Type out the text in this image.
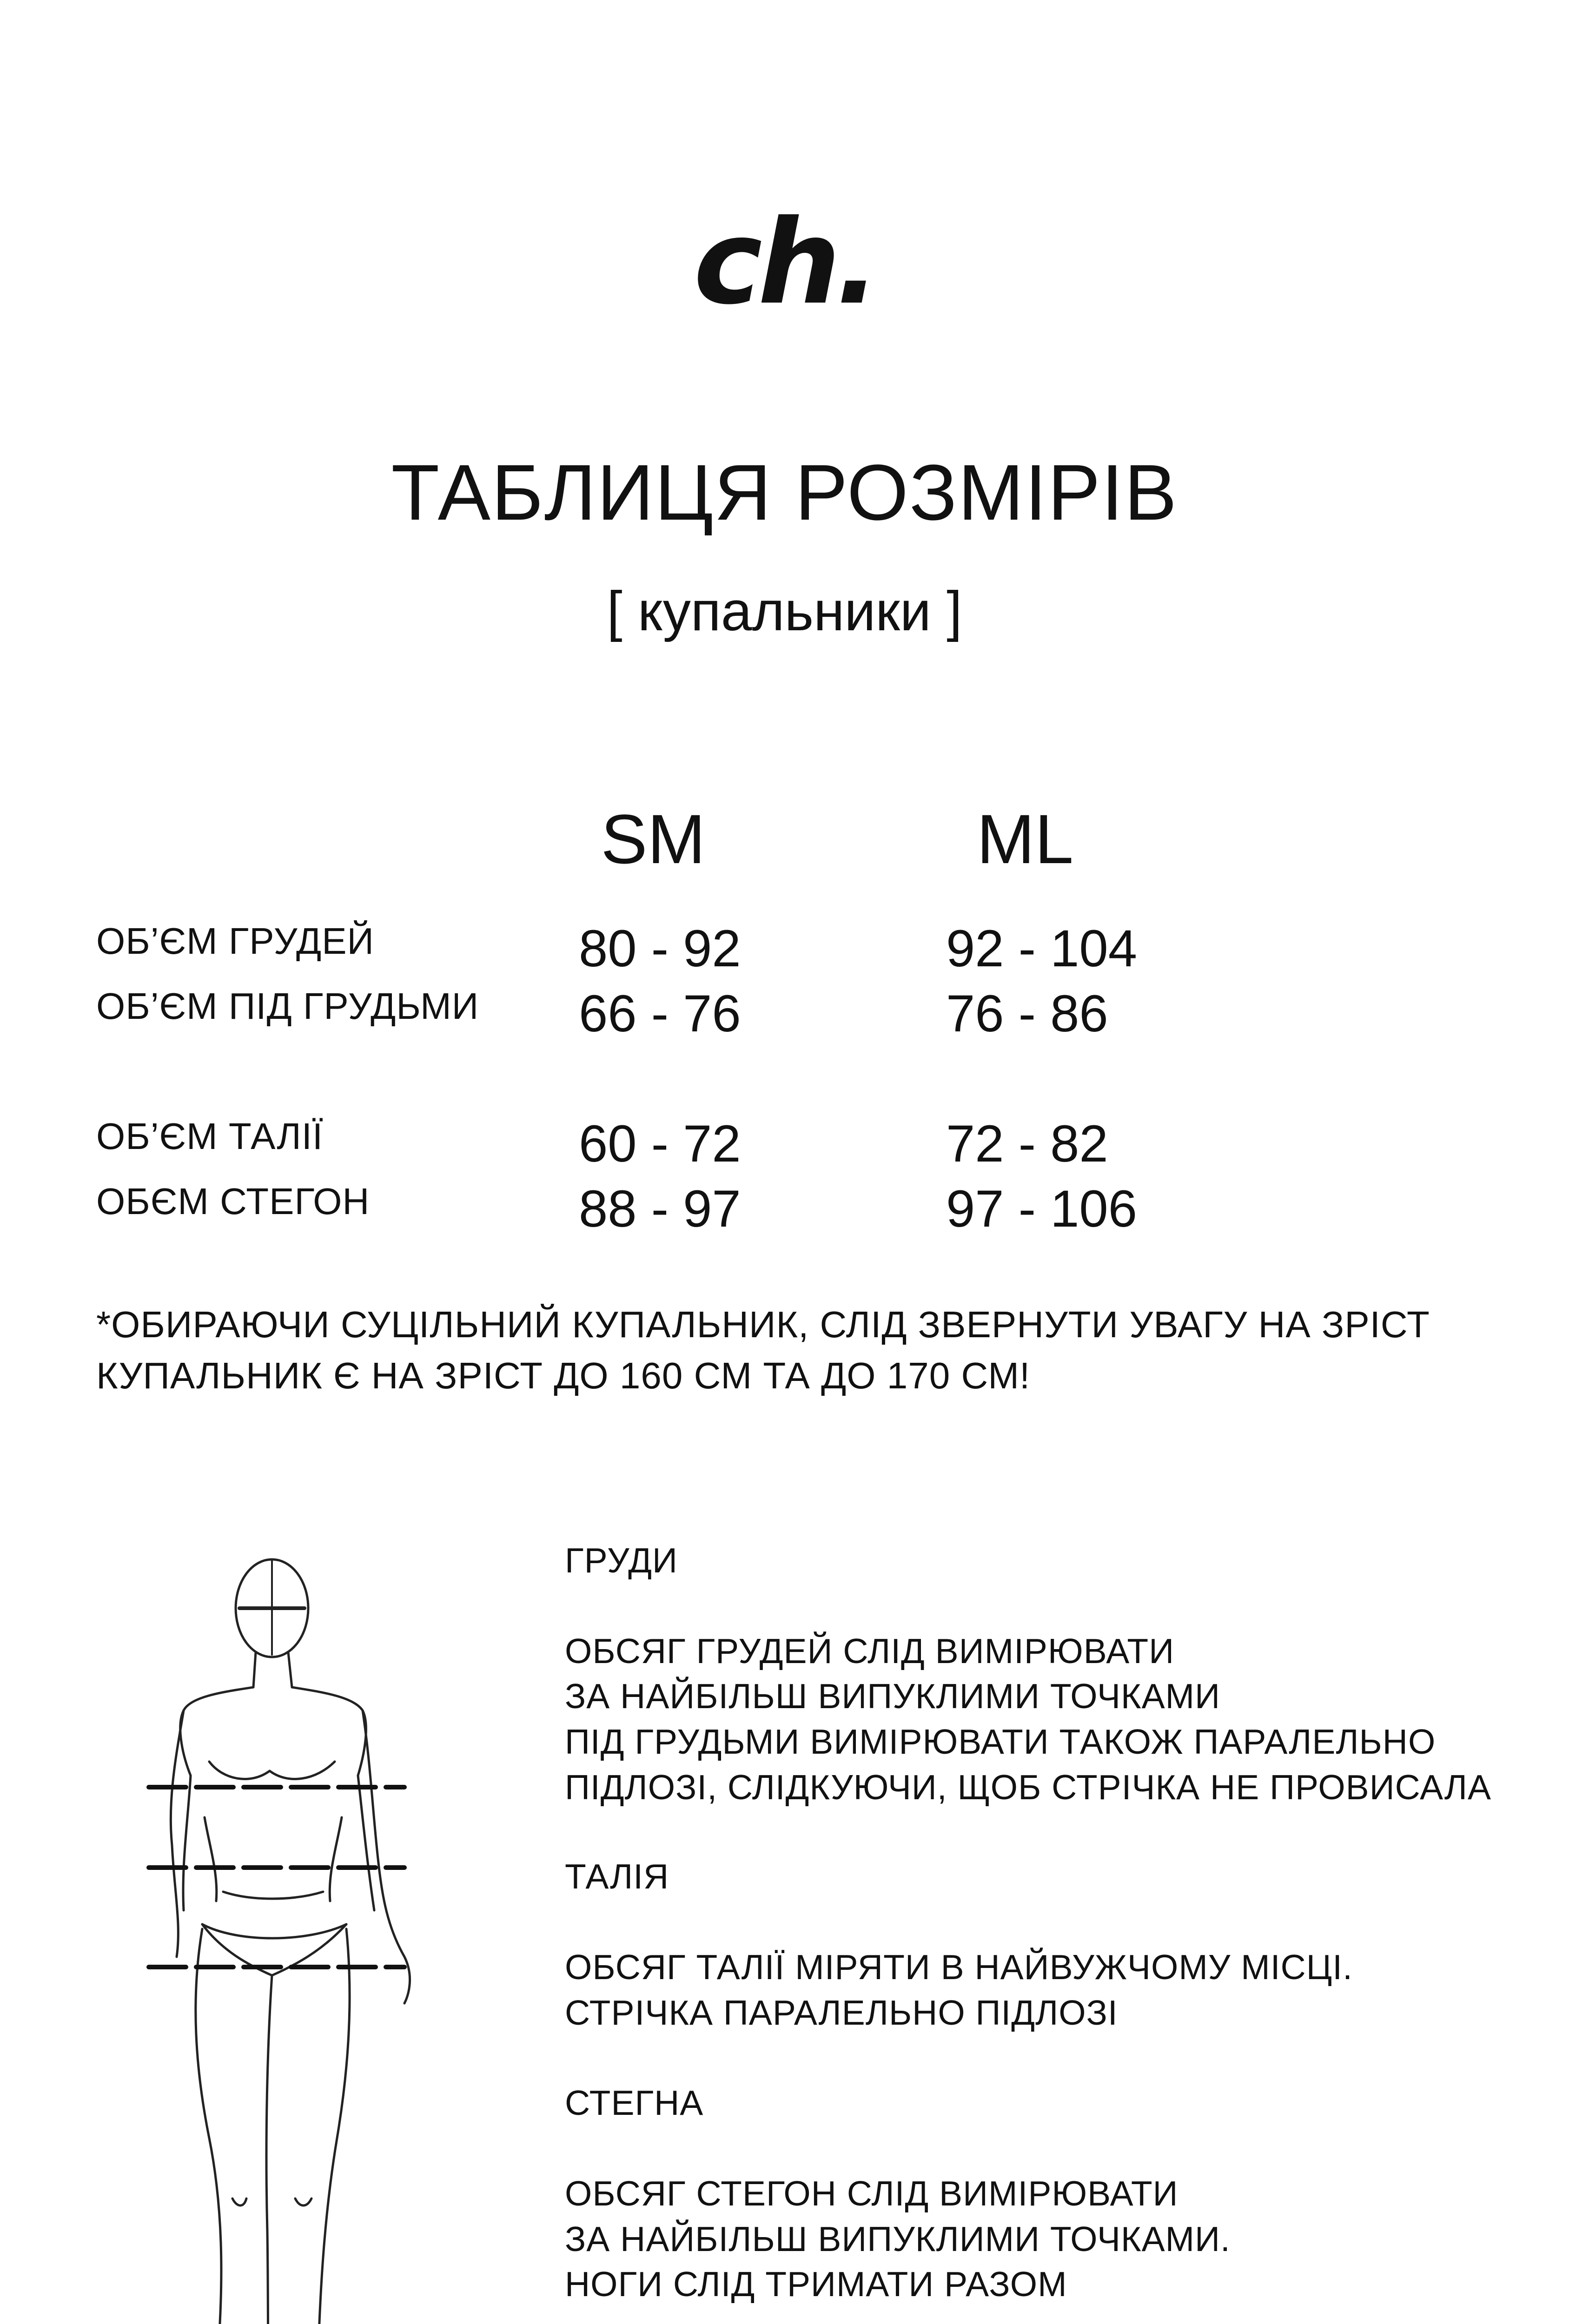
ch.
ТАБЛИЦЯ РОЗМІРІВ
[ купальники ]
SM	ML
ОБ’ЄМ ГРУДЕЙ	80 - 92	92 - 104
ОБ’ЄМ ПІД ГРУДЬМИ 66 - 76	76 - 86
ОБ’ЄМ ТАЛІЇ	60 - 72	72 - 82
ОБЄМ СТЕГОН	88 - 97	97 - 106
*ОБИРАЮЧИ СУЦІЛЬНИЙ КУПАЛЬНИК, СЛІД ЗВЕРНУТИ УВАГУ НА ЗРІСТ
КУПАЛЬНИК Є НА ЗРІСТ ДО 160 СМ ТА ДО 170 СМ!
ГРУДИ
ОБСЯГ ГРУДЕЙ СЛІД ВИМІРЮВАТИ
ЗА НАЙБІЛЬШ ВИПУКЛИМИ ТОЧКАМИ
ПІД ГРУДЬМИ ВИМІРЮВАТИ ТАКОЖ ПАРАЛЕЛЬНО
ПІДЛОЗІ, СЛІДКУЮЧИ, ЩОБ СТРІЧКА НЕ ПРОВИСАЛА
ТАЛІЯ
ОБСЯГ ТАЛІЇ МІРЯТИ В НАЙВУЖЧОМУ МІСЦІ.
СТРІЧКА ПАРАЛЕЛЬНО ПІДЛОЗІ
СТЕГНА
ОБСЯГ СТЕГОН СЛІД ВИМІРЮВАТИ
ЗА НАЙБІЛЬШ ВИПУКЛИМИ ТОЧКАМИ.
НОГИ СЛІД ТРИМАТИ РАЗОМ
